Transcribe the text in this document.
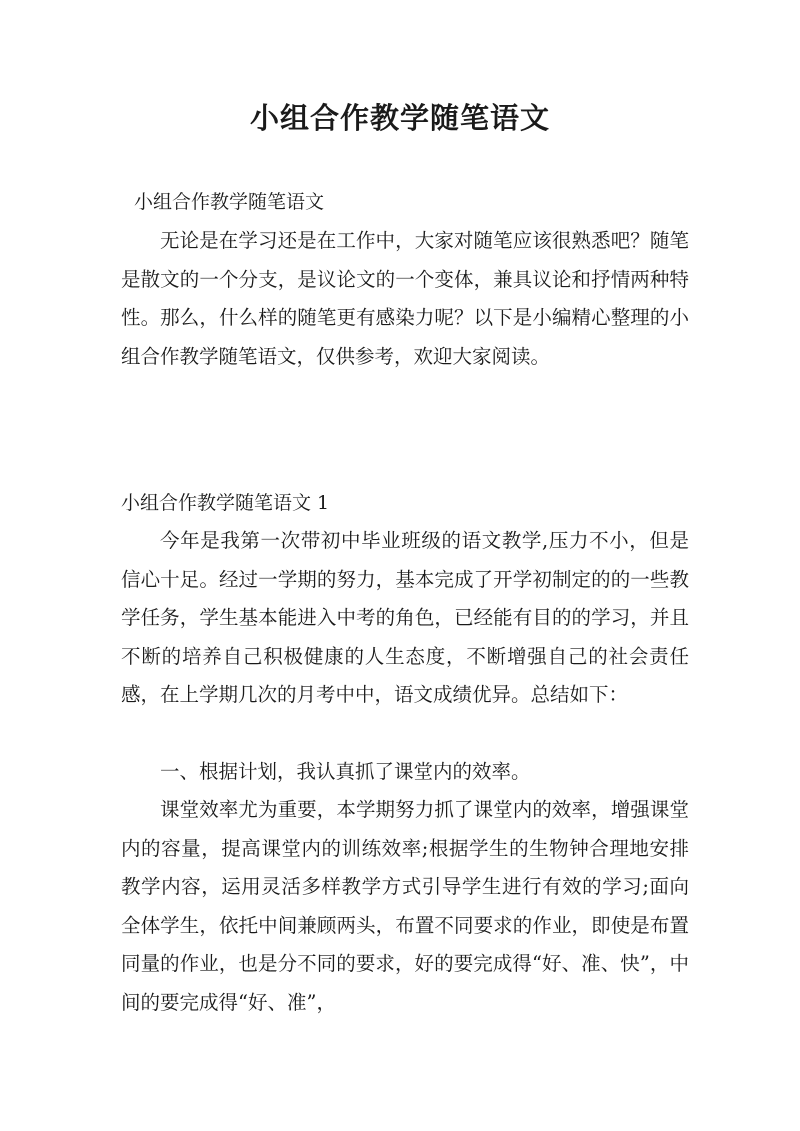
小组合作教学随笔语文
小组合作教学随笔语文

无论是在学习还是在工作中，大家对随笔应该很熟悉吧？随笔是散文的一个分支，是议论文的一个变体，兼具议论和抒情两种特性。那么，什么样的随笔更有感染力呢？以下是小编精心整理的小组合作教学随笔语文，仅供参考，欢迎大家阅读。

小组合作教学随笔语文 1

今年是我第一次带初中毕业班级的语文教学,压力不小，但是信心十足。经过一学期的努力，基本完成了开学初制定的的一些教学任务，学生基本能进入中考的角色，已经能有目的的学习，并且不断的培养自己积极健康的人生态度，不断增强自己的社会责任感，在上学期几次的月考中中，语文成绩优异。总结如下：

一、根据计划，我认真抓了课堂内的效率。

课堂效率尤为重要，本学期努力抓了课堂内的效率，增强课堂内的容量，提高课堂内的训练效率;根据学生的生物钟合理地安排教学内容，运用灵活多样教学方式引导学生进行有效的学习;面向全体学生，依托中间兼顾两头，布置不同要求的作业，即使是布置同量的作业，也是分不同的要求，好的要完成得“好、准、快”，中间的要完成得“好、准”，
